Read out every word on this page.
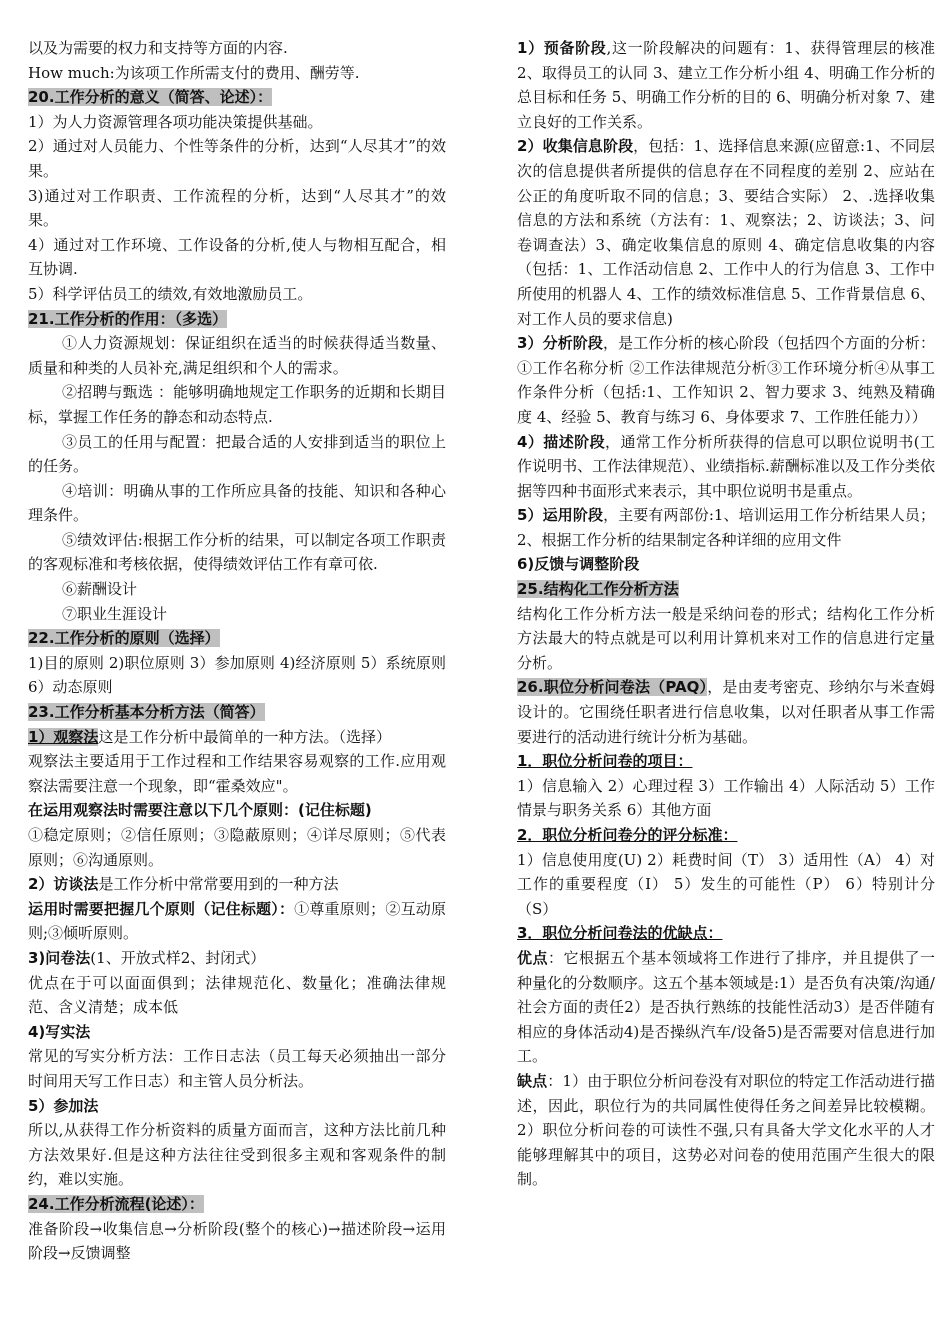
以及为需要的权力和支持等方面的内容.

How much:为该项工作所需支付的费用、酬劳等.

20.工作分析的意义（简答、论述）：

1）为人力资源管理各项功能决策提供基础。

2）通过对人员能力、个性等条件的分析，达到“人尽其才”的效果。

3)通过对工作职责、工作流程的分析，达到“人尽其才”的效果。

4）通过对工作环境、工作设备的分析,使人与物相互配合，相互协调.

5）科学评估员工的绩效,有效地激励员工。

21.工作分析的作用：（多选）

①人力资源规划：保证组织在适当的时候获得适当数量、质量和种类的人员补充,满足组织和个人的需求。

②招聘与甄选 ：能够明确地规定工作职务的近期和长期目标，掌握工作任务的静态和动态特点.

③员工的任用与配置：把最合适的人安排到适当的职位上的任务。

④培训：明确从事的工作所应具备的技能、知识和各种心理条件。

⑤绩效评估:根据工作分析的结果，可以制定各项工作职责的客观标准和考核依据，使得绩效评估工作有章可依.

⑥薪酬设计

⑦职业生涯设计

22.工作分析的原则（选择）

1)目的原则 2)职位原则 3）参加原则 4)经济原则 5）系统原则 6）动态原则

23.工作分析基本分析方法（简答）

1）观察法这是工作分析中最简单的一种方法。（选择）

观察法主要适用于工作过程和工作结果容易观察的工作.应用观察法需要注意一个现象，即“霍桑效应"。

在运用观察法时需要注意以下几个原则：(记住标题)

①稳定原则；②信任原则；③隐蔽原则；④详尽原则；⑤代表原则；⑥沟通原则。

2）访谈法是工作分析中常常要用到的一种方法

运用时需要把握几个原则（记住标题）：①尊重原则；②互动原则;③倾听原则。

3)问卷法(1、开放式样2、封闭式）

优点在于可以面面俱到；法律规范化、数量化；准确法律规范、含义清楚；成本低

4)写实法

常见的写实分析方法：工作日志法（员工每天必须抽出一部分时间用天写工作日志）和主管人员分析法。

5）参加法

所以,从获得工作分析资料的质量方面而言，这种方法比前几种方法效果好.但是这种方法往往受到很多主观和客观条件的制约，难以实施。

24.工作分析流程(论述）：

准备阶段→收集信息→分析阶段(整个的核心)→描述阶段→运用阶段→反馈调整

1）预备阶段,这一阶段解决的问题有：1、获得管理层的核准 2、取得员工的认同 3、建立工作分析小组 4、明确工作分析的总目标和任务 5、明确工作分析的目的 6、明确分析对象 7、建立良好的工作关系。

2）收集信息阶段，包括：1、选择信息来源(应留意:1、不同层次的信息提供者所提供的信息存在不同程度的差别 2、应站在公正的角度听取不同的信息；3、要结合实际） 2、.选择收集信息的方法和系统（方法有：1、观察法；2、访谈法；3、问卷调查法）3、确定收集信息的原则 4、确定信息收集的内容（包括：1、工作活动信息 2、工作中人的行为信息 3、工作中所使用的机器人 4、工作的绩效标准信息 5、工作背景信息 6、对工作人员的要求信息)

3）分析阶段，是工作分析的核心阶段（包括四个方面的分析：①工作名称分析 ②工作法律规范分析③工作环境分析④从事工作条件分析（包括:1、工作知识 2、智力要求 3、纯熟及精确度 4、经验 5、教育与练习 6、身体要求 7、工作胜任能力））

4）描述阶段，通常工作分析所获得的信息可以职位说明书(工作说明书、工作法律规范）、业绩指标.薪酬标准以及工作分类依据等四种书面形式来表示，其中职位说明书是重点。

5）运用阶段，主要有两部份:1、培训运用工作分析结果人员； 2、根据工作分析的结果制定各种详细的应用文件

6)反馈与调整阶段

25.结构化工作分析方法

结构化工作分析方法一般是采纳问卷的形式；结构化工作分析方法最大的特点就是可以利用计算机来对工作的信息进行定量分析。

26.职位分析问卷法（PAQ），是由麦考密克、珍纳尔与米查姆设计的。它围绕任职者进行信息收集，以对任职者从事工作需要进行的活动进行统计分析为基础。

1．职位分析问卷的项目：

1）信息输入 2）心理过程 3）工作输出 4）人际活动 5）工作情景与职务关系 6）其他方面

2．职位分析问卷分的评分标准：

1）信息使用度(U) 2）耗费时间（T） 3）适用性（A） 4）对工作的重要程度（I） 5）发生的可能性（P） 6）特别计分（S）

3．职位分析问卷法的优缺点：

优点：它根据五个基本领域将工作进行了排序，并且提供了一种量化的分数顺序。这五个基本领域是:1）是否负有决策/沟通/社会方面的责任2）是否执行熟练的技能性活动3）是否伴随有相应的身体活动4)是否操纵汽车/设备5)是否需要对信息进行加工。

缺点：1）由于职位分析问卷没有对职位的特定工作活动进行描述，因此，职位行为的共同属性使得任务之间差异比较模糊。2）职位分析问卷的可读性不强,只有具备大学文化水平的人才能够理解其中的项目，这势必对问卷的使用范围产生很大的限制。
